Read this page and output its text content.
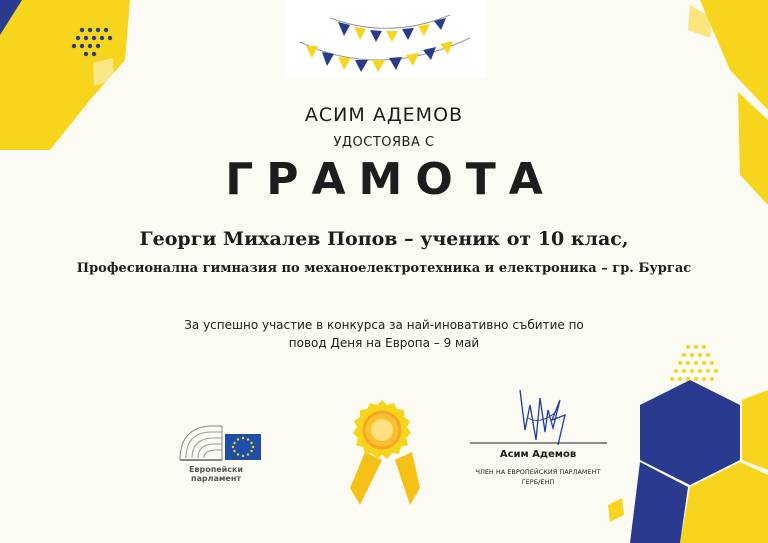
АСИМ АДЕМОВ
УДОСТОЯВА С
ГРАМОТА
Георги Михалев Попов – ученик от 10 клас,
Професионална гимназия по механоелектротехника и електроника – гр. Бургас
За успешно участие в конкурса за най-иновативно събитие по
повод Деня на Европа – 9 май
Европейски парламент
Асим Адемов
ЧЛЕН НА ЕВРОПЕЙСКИЯ ПАРЛАМЕНТ
ГЕРБ/ЕНП
